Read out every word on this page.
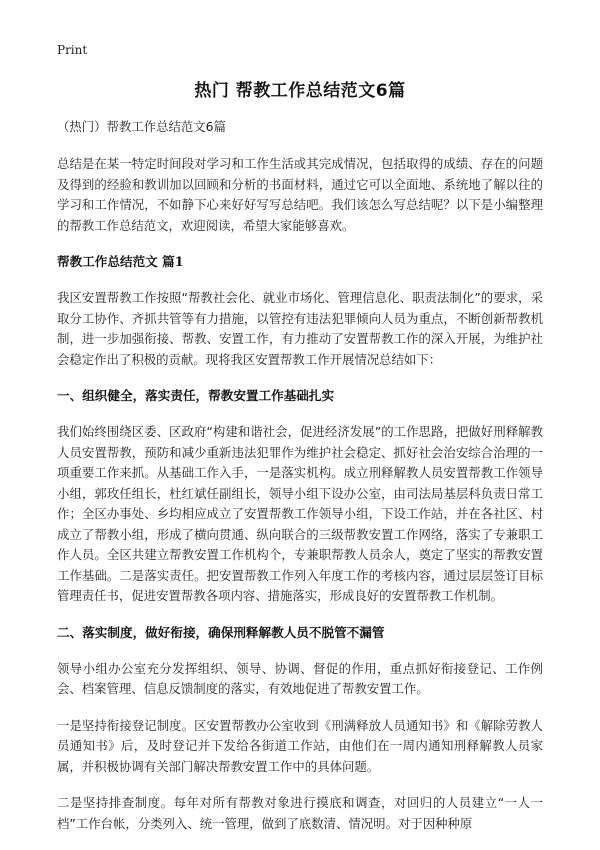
Print

热门 帮教工作总结范文6篇

（热门）帮教工作总结范文6篇

总结是在某一特定时间段对学习和工作生活或其完成情况，包括取得的成绩、存在的问题及得到的经验和教训加以回顾和分析的书面材料，通过它可以全面地、系统地了解以往的学习和工作情况，不如静下心来好好写写总结吧。我们该怎么写总结呢？以下是小编整理的帮教工作总结范文，欢迎阅读，希望大家能够喜欢。

帮教工作总结范文 篇1

我区安置帮教工作按照“帮教社会化、就业市场化、管理信息化、职责法制化”的要求，采取分工协作、齐抓共管等有力措施，以管控有违法犯罪倾向人员为重点，不断创新帮教机制，进一步加强衔接、帮教、安置工作，有力推动了安置帮教工作的深入开展，为维护社会稳定作出了积极的贡献。现将我区安置帮教工作开展情况总结如下：

一、组织健全，落实责任，帮教安置工作基础扎实

我们始终围绕区委、区政府“构建和谐社会，促进经济发展”的工作思路，把做好刑释解教人员安置帮教，预防和减少重新违法犯罪作为维护社会稳定、抓好社会治安综合治理的一项重要工作来抓。从基础工作入手，一是落实机构。成立刑释解教人员安置帮教工作领导小组，郭玫任组长，杜红斌任副组长，领导小组下设办公室，由司法局基层科负责日常工作；全区办事处、乡均相应成立了安置帮教工作领导小组，下设工作站，并在各社区、村成立了帮教小组，形成了横向贯通、纵向联合的三级帮教安置工作网络，落实了专兼职工作人员。全区共建立帮教安置工作机构个，专兼职帮教人员余人，奠定了坚实的帮教安置工作基础。二是落实责任。把安置帮教工作列入年度工作的考核内容，通过层层签订目标管理责任书，促进安置帮教各项内容、措施落实，形成良好的安置帮教工作机制。

二、落实制度，做好衔接，确保刑释解教人员不脱管不漏管

领导小组办公室充分发挥组织、领导、协调、督促的作用，重点抓好衔接登记、工作例会、档案管理、信息反馈制度的落实，有效地促进了帮教安置工作。

一是坚持衔接登记制度。区安置帮教办公室收到《刑满释放人员通知书》和《解除劳教人员通知书》后，及时登记并下发给各街道工作站，由他们在一周内通知刑释解教人员家属，并积极协调有关部门解决帮教安置工作中的具体问题。

二是坚持排查制度。每年对所有帮教对象进行摸底和调查，对回归的人员建立“一人一档”工作台帐，分类列入、统一管理，做到了底数清、情况明。对于因种种原
